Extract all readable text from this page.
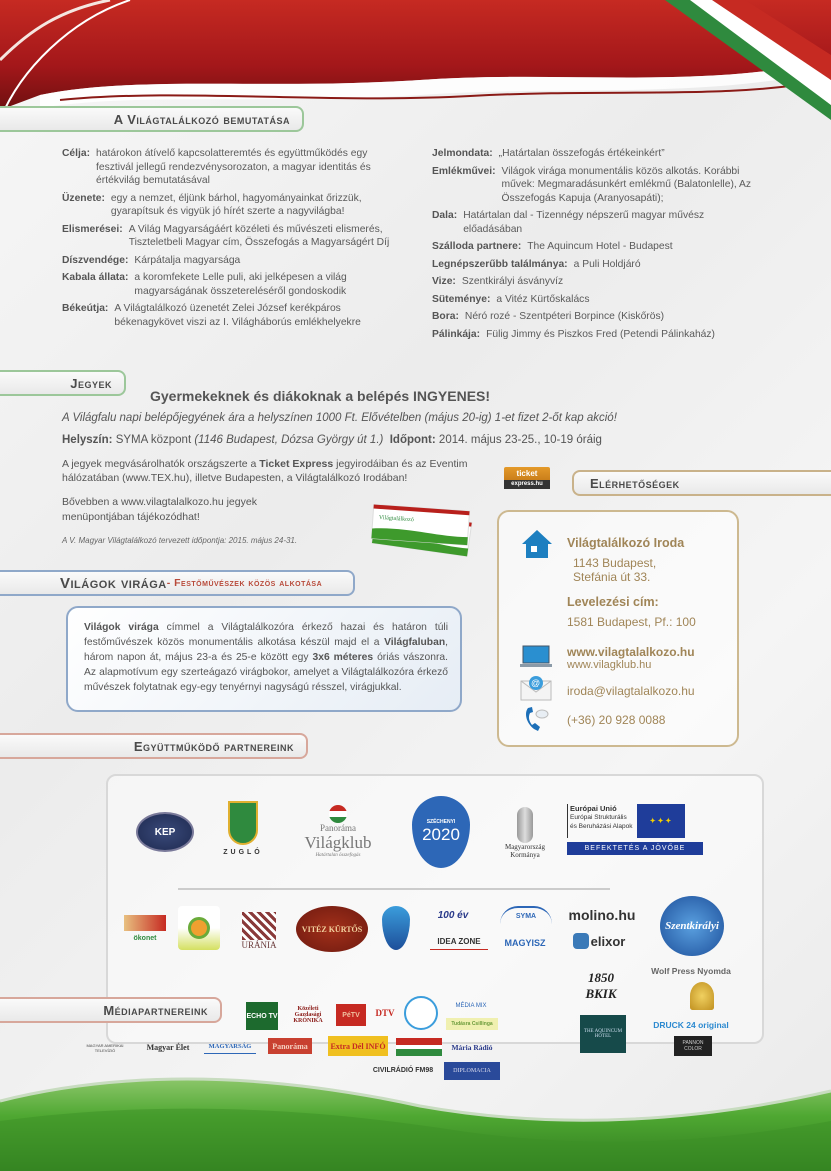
A Világtalálkozó bemutatása
Célja: határokon átívelő kapcsolatteremtés és együttműködés egy fesztivál jellegű rendezvénysorozaton, a magyar identitás és értékvilág bemutatásával
Üzenete: egy a nemzet, éljünk bárhol, hagyományainkat őrizzük, gyarapítsuk és vigyük jó hírét szerte a nagyvilágba!
Elismerései: A Világ Magyarságáért közéleti és művészeti elismerés, Tiszteletbeli Magyar cím, Összefogás a Magyarságért Díj
Díszvendége: Kárpátalja magyarsága
Kabala állata: a koromfekete Lelle puli, aki jelképesen a világ magyarságának összetereléséről gondoskodik
Békeútja: A Világtalálkozó üzenetét Zelei József kerékpáros békenagykövet viszi az I. Világháborús emlékhelyekre
Jelmondata: „Határtalan összefogás értékeinkért”
Emlékművei: Világok virága monumentális közös alkotás. Korábbi művek: Megmaradásunkért emlékmű (Balatonlelle), Az Összefogás Kapuja (Aranyosapáti);
Dala: Határtalan dal - Tizennégy népszerű magyar művész előadásában
Szálloda partnere: The Aquincum Hotel - Budapest
Legnépszerűbb találmánya: a Puli Holdjáró
Vize: Szentkirályi ásványvíz
Süteménye: a Vitéz Kürtőskalács
Bora: Néró rozé - Szentpéteri Borpince (Kiskőrös)
Pálinkája: Fülig Jimmy és Piszkos Fred (Petendi Pálinkaház)
Jegyek
Gyermekeknek és diákoknak a belépés INGYENES!
A Világfalu napi belépőjegyének ára a helyszínen 1000 Ft. Elővételben (május 20-ig) 1-et fizet 2-őt kap akció!
Helyszín: SYMA központ (1146 Budapest, Dózsa György út 1.) Időpont: 2014. május 23-25., 10-19 óráig
A jegyek megvásárolhatók országszerte a Ticket Express jegyirodáiban és az Eventim hálózatában (www.TEX.hu), illetve Budapesten, a Világtalálkozó Irodában!
Bővebben a www.vilagtalalkozo.hu jegyek menüpontjában tájékozódhat!
A V. Magyar Világtalálkozó tervezett időpontja: 2015. május 24-31.
Világtalálkozó
ticket
express.hu	Elérhetőségek
Világtalálkozó Iroda
1143 Budapest,
Stefánia út 33.
Levelezési cím:
1581 Budapest, Pf.: 100
www.vilagtalalkozo.hu
www.vilagklub.hu
@
iroda@vilagtalalkozo.hu
(+36) 20 928 0088
Világok virága - Festőművészek közös alkotása
Világok virága címmel a Világtalálkozóra érkező hazai és határon túli festőművészek közös monumentális alkotása készül majd el a Világfaluban, három napon át, május 23-a és 25-e között egy 3x6 méteres óriás vászonra. Az alapmotívum egy szerteágazó virágbokor, amelyet a Világtalálkozóra érkező művészek folytatnak egy-egy tenyérnyi nagyságú résszel, virágjukkal.
Együttműködő partnereink
KEP
ZUGLÓ
Panoráma
Világklub
Határtalan összefogás
SZÉCHENYI
2020
Magyarország Kormánya
Európai Unió
Európai Strukturális
és Beruházási Alapok
✦ ✦ ✦
BEFEKTETÉS A JÖVŐBE
ökonet
URÁNIA
VITÉZ KÜRTŐS
100 év	SYMA molino.hu
IDEA ZONE	MAGYISZ	elixor
Szentkirályi
Wolf Press Nyomda
1850 BKIK
THE AQUINCUM HOTEL
DRUCK 24 original
PANNON COLOR
Médiapartnereink	ECHO TV
Közéleti Gazdasági KRÓNIKA
PéTV DTV
MÉDIA MIX
Tudásra Csillinga
MAGYAR AMERIKAI TELEVÍZIÓ	Magyar Élet	MAGYARSÁG	Panoráma	Extra Dél INFÓ	Mária Rádió
CIVILRÁDIÓ FM98	DIPLOMACIA
